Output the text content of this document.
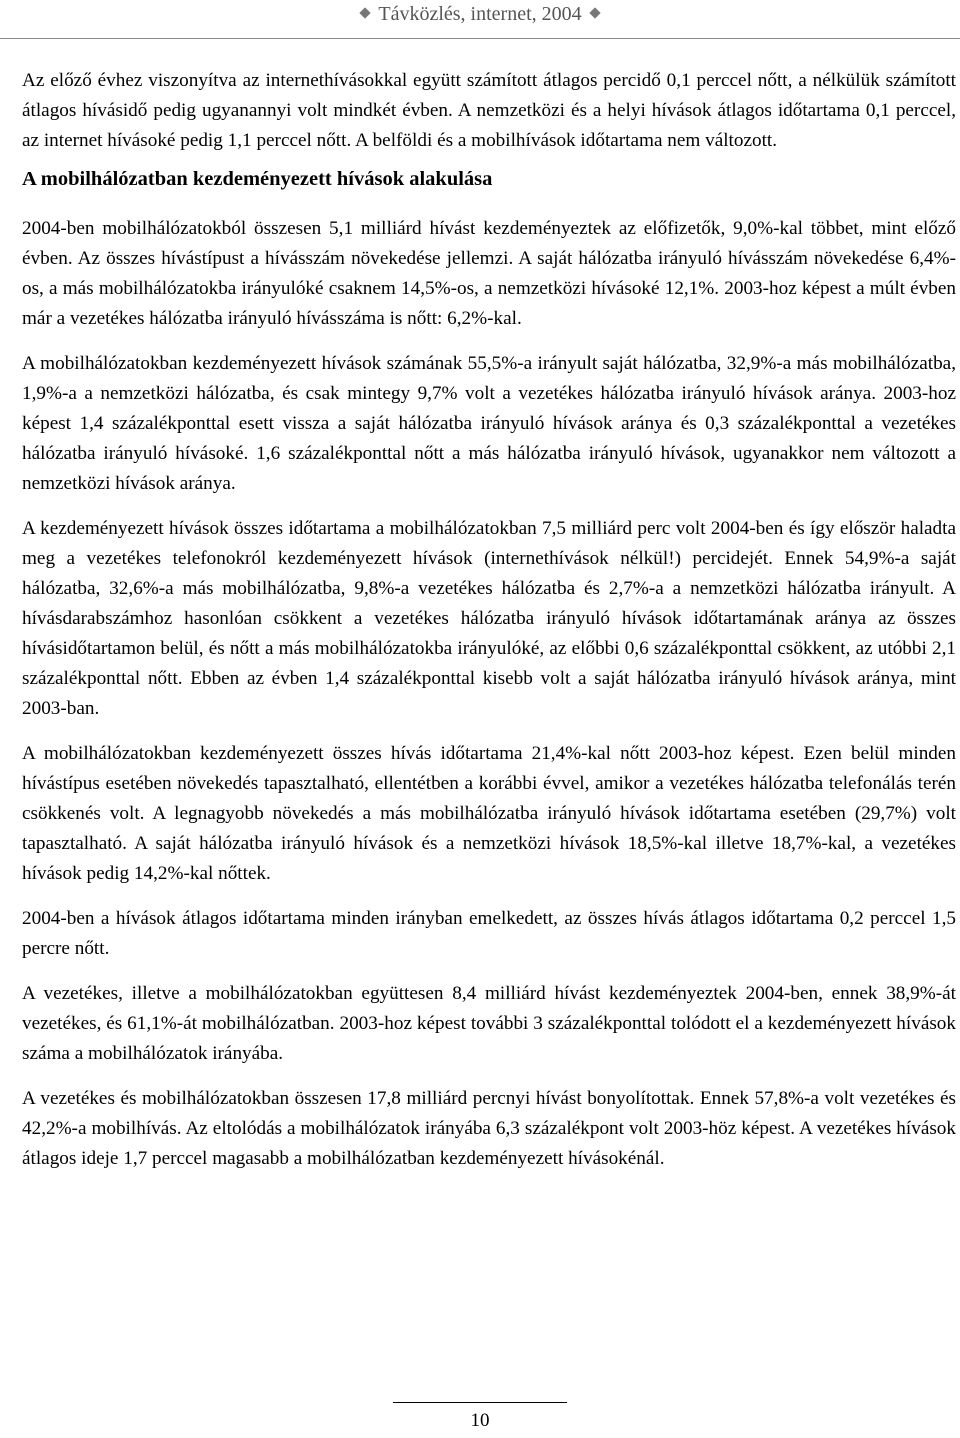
Távközlés, internet, 2004

Az előző évhez viszonyítva az internethívásokkal együtt számított átlagos percidő 0,1 perccel nőtt, a nélkülük számított átlagos hívásidő pedig ugyanannyi volt mindkét évben. A nemzetközi és a helyi hívások átlagos időtartama 0,1 perccel, az internet hívásoké pedig 1,1 perccel nőtt. A belföldi és a mobilhívások időtartama nem változott.

A mobilhálózatban kezdeményezett hívások alakulása

2004-ben mobilhálózatokból összesen 5,1 milliárd hívást kezdeményeztek az előfizetők, 9,0%-kal többet, mint előző évben. Az összes hívástípust a hívásszám növekedése jellemzi. A saját hálózatba irányuló hívásszám növekedése 6,4%-os, a más mobilhálózatokba irányulóké csaknem 14,5%-os, a nemzetközi hívásoké 12,1%. 2003-hoz képest a múlt évben már a vezetékes hálózatba irányuló hívásszáma is nőtt: 6,2%-kal.

A mobilhálózatokban kezdeményezett hívások számának 55,5%-a irányult saját hálózatba, 32,9%-a más mobilhálózatba, 1,9%-a a nemzetközi hálózatba, és csak mintegy 9,7% volt a vezetékes hálózatba irányuló hívások aránya. 2003-hoz képest 1,4 százalékponttal esett vissza a saját hálózatba irányuló hívások aránya és 0,3 százalékponttal a vezetékes hálózatba irányuló hívásoké. 1,6 százalékponttal nőtt a más hálózatba irányuló hívások, ugyanakkor nem változott a nemzetközi hívások aránya.

A kezdeményezett hívások összes időtartama a mobilhálózatokban 7,5 milliárd perc volt 2004-ben és így először haladta meg a vezetékes telefonokról kezdeményezett hívások (internethívások nélkül!) percidejét. Ennek 54,9%-a saját hálózatba, 32,6%-a más mobilhálózatba, 9,8%-a vezetékes hálózatba és 2,7%-a a nemzetközi hálózatba irányult. A hívásdarabszámhoz hasonlóan csökkent a vezetékes hálózatba irányuló hívások időtartamának aránya az összes hívásidőtartamon belül, és nőtt a más mobilhálózatokba irányulóké, az előbbi 0,6 százalékponttal csökkent, az utóbbi 2,1 százalékponttal nőtt. Ebben az évben 1,4 százalékponttal kisebb volt a saját hálózatba irányuló hívások aránya, mint 2003-ban.

A mobilhálózatokban kezdeményezett összes hívás időtartama 21,4%-kal nőtt 2003-hoz képest. Ezen belül minden hívástípus esetében növekedés tapasztalható, ellentétben a korábbi évvel, amikor a vezetékes hálózatba telefonálás terén csökkenés volt. A legnagyobb növekedés a más mobilhálózatba irányuló hívások időtartama esetében (29,7%) volt tapasztalható. A saját hálózatba irányuló hívások és a nemzetközi hívások 18,5%-kal illetve 18,7%-kal, a vezetékes hívások pedig 14,2%-kal nőttek.

2004-ben a hívások átlagos időtartama minden irányban emelkedett, az összes hívás átlagos időtartama 0,2 perccel 1,5 percre nőtt.

A vezetékes, illetve a mobilhálózatokban együttesen 8,4 milliárd hívást kezdeményeztek 2004-ben, ennek 38,9%-át vezetékes, és 61,1%-át mobilhálózatban. 2003-hoz képest további 3 százalékponttal tolódott el a kezdeményezett hívások száma a mobilhálózatok irányába.

A vezetékes és mobilhálózatokban összesen 17,8 milliárd percnyi hívást bonyolítottak. Ennek 57,8%-a volt vezetékes és 42,2%-a mobilhívás. Az eltolódás a mobilhálózatok irányába 6,3 százalékpont volt 2003-höz képest. A vezetékes hívások átlagos ideje 1,7 perccel magasabb a mobilhálózatban kezdeményezett hívásokénál.

10
